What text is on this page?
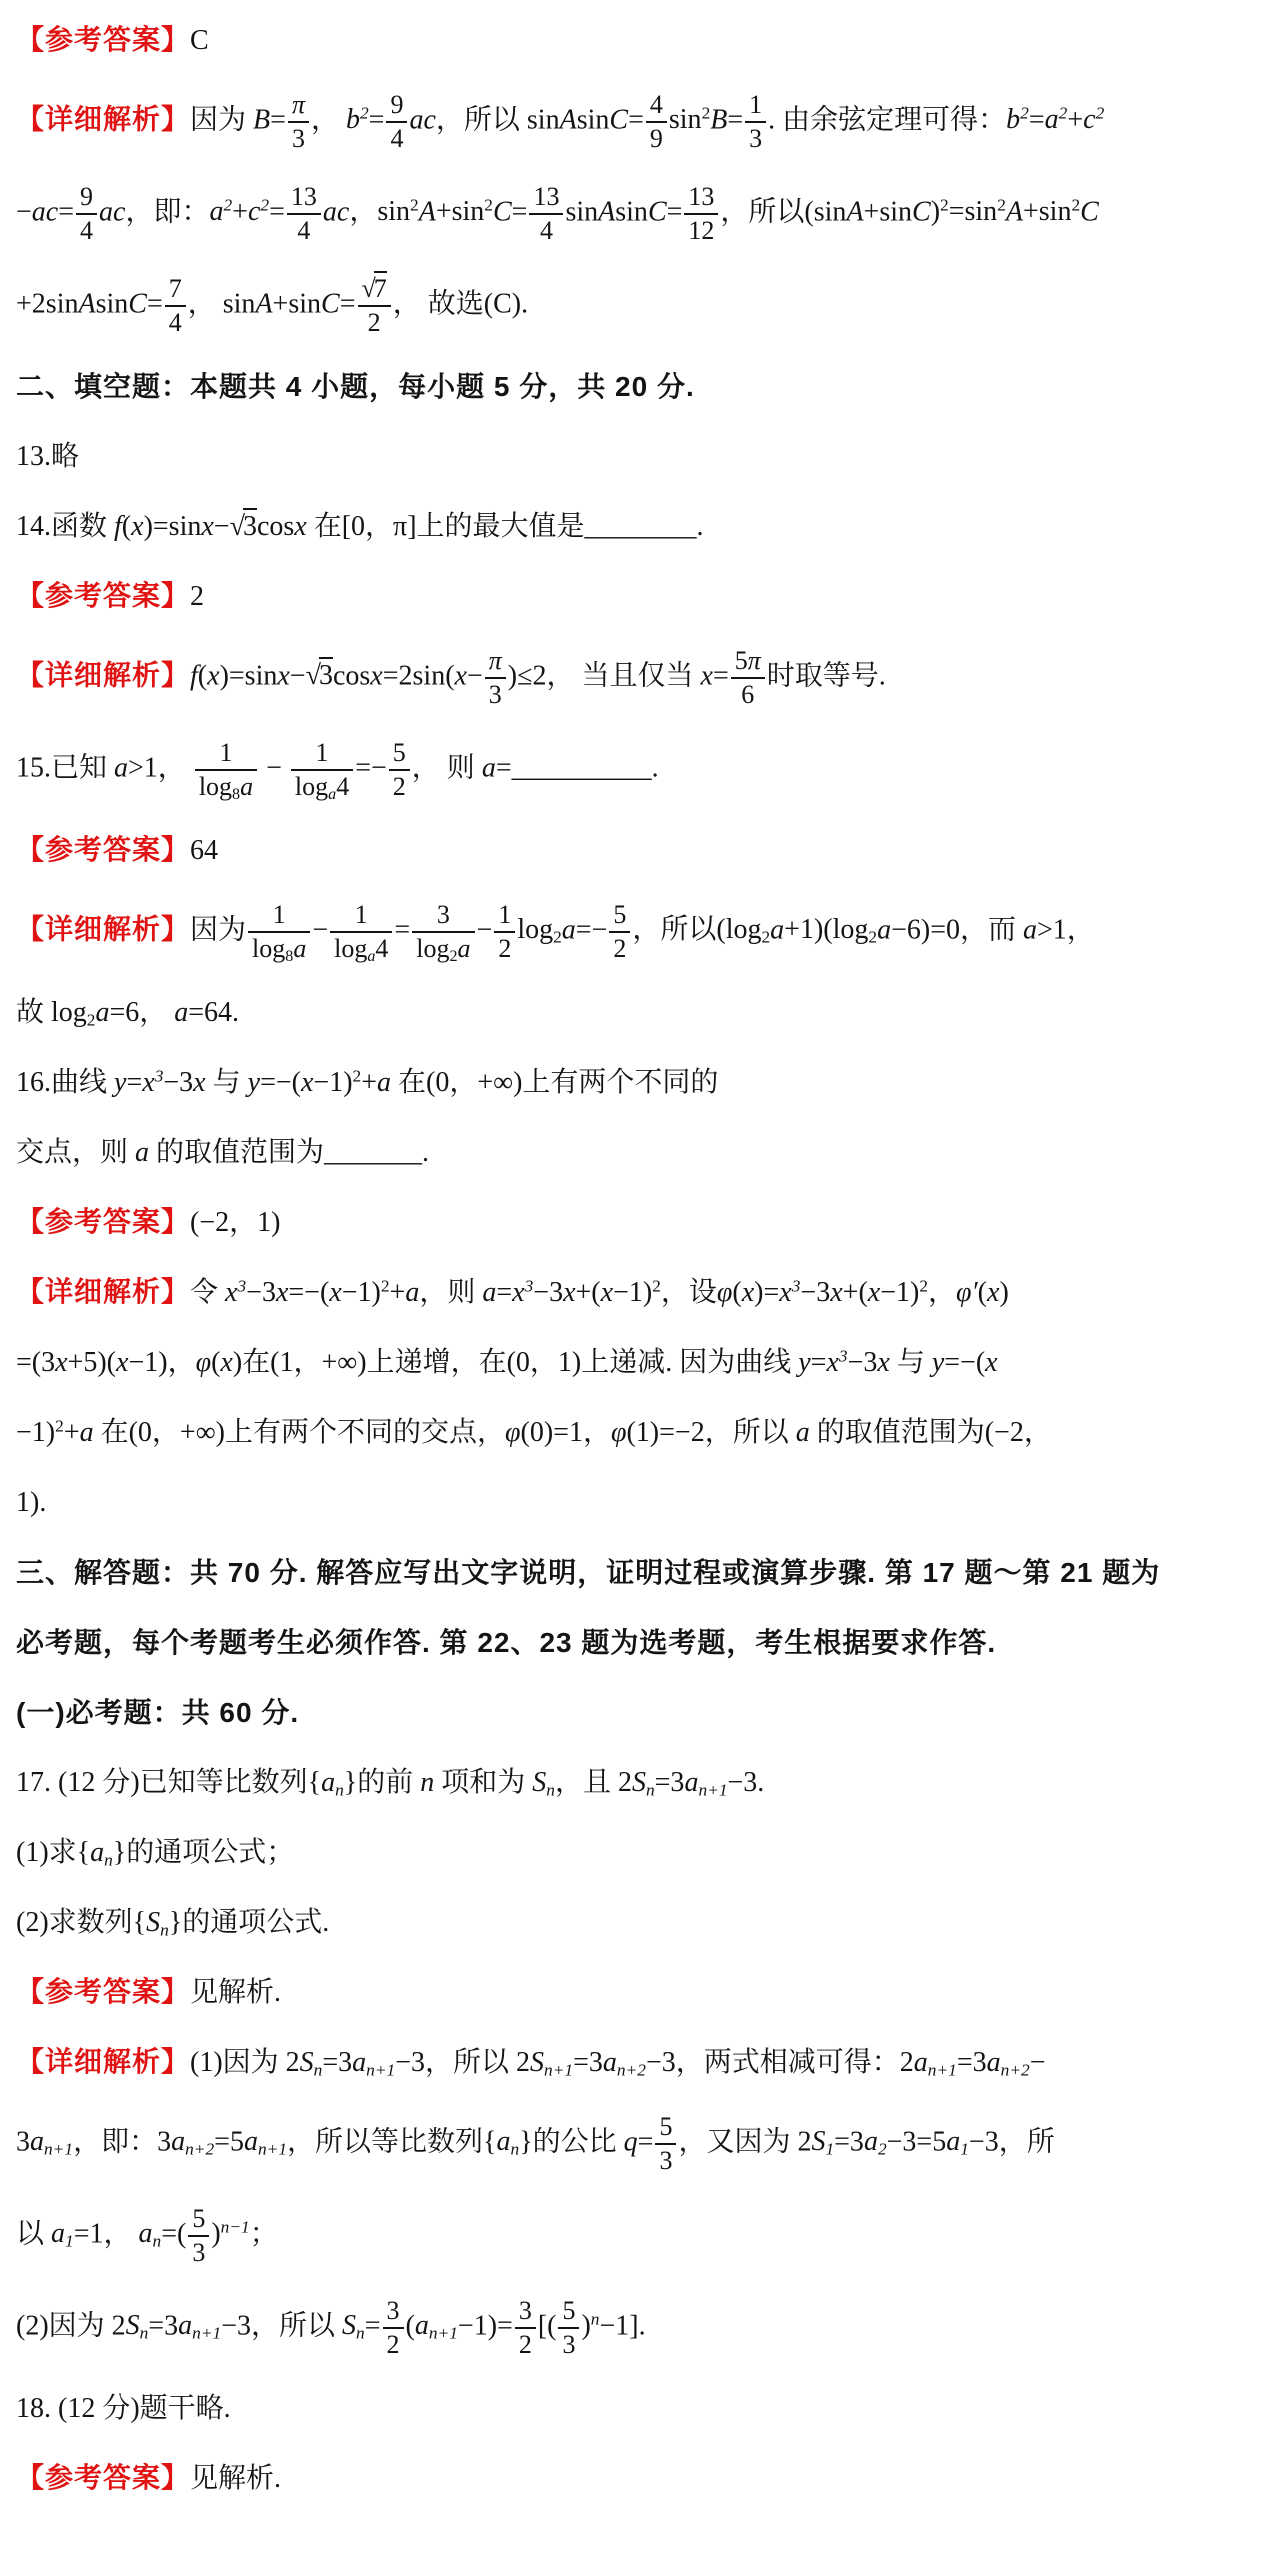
【参考答案】C

【详细解析】因为 $B= \frac{\pi}{3}$ ， $b^2= \frac{9}{4}$ ac，所以 sinAsinC= $\frac{4}{9} \sin^2B= \frac{1}{3}$ . 由余弦定理可得：$b^2=a^2+c^2$

$-ac= \frac{9}{4}$ ac，即：$a^2+c^2= \frac{13}{4}$ ac，$\sin^2A+\sin^2C= \frac{13}{4}$ sinAsinC= $\frac{13}{12}$ ，所以$(\sin A+\sin C)^2=\sin^2A+\sin^2C$

+2sinAsinC= $\frac{7}{4}$ ， $\sin A+\sin C= \frac{√7}{2}$ ， 故选(C).

二、填空题：本题共 4 小题，每小题 5 分，共 20 分.

13.略

14.函数 f(x)=sinx−√3cosx 在[0，π]上的最大值是________.

【参考答案】2

【详细解析】$f(x)=\sin x-√3\cos x=2\sin(x- \frac{\pi}{3} )\le 2$， 当且仅当 $x= \frac{5\pi}{6}$ 时取等号.

15.已知 a>1， $\frac{1}{\log_8a} - \frac{1}{\log_a4} =- \frac{5}{2}$ ， 则 a=__________.

【参考答案】64

【详细解析】因为 $\frac{1}{\log_8a} - \frac{1}{\log_a4} = \frac{3}{\log_2a} - \frac{1}{2} \log_2a=- \frac{5}{2}$ ，所以$(\log_2a+1)(\log_2a-6)=0$，而 a>1，

故 $\log_2a=6$， a=64.

16.曲线 $y=x^3-3x$ 与 $y=-(x-1)^2+a$ 在(0，+∞)上有两个不同的

交点，则 a 的取值范围为_______.

【参考答案】(−2，1)

【详细解析】令 $x^3-3x=-(x-1)^2+a$，则 $a=x^3-3x+(x-1)^2$，设$\varphi(x)=x^3-3x+(x-1)^2$，φ′(x)

=(3x+5)(x−1)，φ(x)在(1，+∞)上递增，在(0，1)上递减. 因为曲线 $y=x^3-3x$ 与 y=−(x

−1)$^2$+a 在(0，+∞)上有两个不同的交点，φ(0)=1，φ(1)=−2，所以 a 的取值范围为(−2，

1).

三、解答题：共 70 分. 解答应写出文字说明，证明过程或演算步骤. 第 17 题～第 21 题为

必考题，每个考题考生必须作答. 第 22、23 题为选考题，考生根据要求作答.

(一)必考题：共 60 分.

17. (12 分)已知等比数列$\{a_n\}$的前 n 项和为 $S_n$，且 $2S_n=3a_{n+1}-3$.

(1)求$\{a_n\}$的通项公式；

(2)求数列$\{S_n\}$的通项公式.

【参考答案】见解析.

【详细解析】(1)因为 $2S_n=3a_{n+1}-3$，所以 $2S_{n+1}=3a_{n+2}-3$，两式相减可得：$2a_{n+1}=3a_{n+2}-$

$3a_{n+1}$，即：$3a_{n+2}=5a_{n+1}$，所以等比数列$\{a_n\}$的公比 $q= \frac{5}{3}$ ，又因为 $2S_1=3a_2-3=5a_1-3$，所

以 $a_1=1$， $a_n=( \frac{5}{3} )^{n-1}$；

(2)因为 $2S_n=3a_{n+1}-3$，所以 $S_n= \frac{3}{2} (a_{n+1}-1)= \frac{3}{2}$ [( $\frac{5}{3} )^n-1$].

18. (12 分)题干略.

【参考答案】见解析.
